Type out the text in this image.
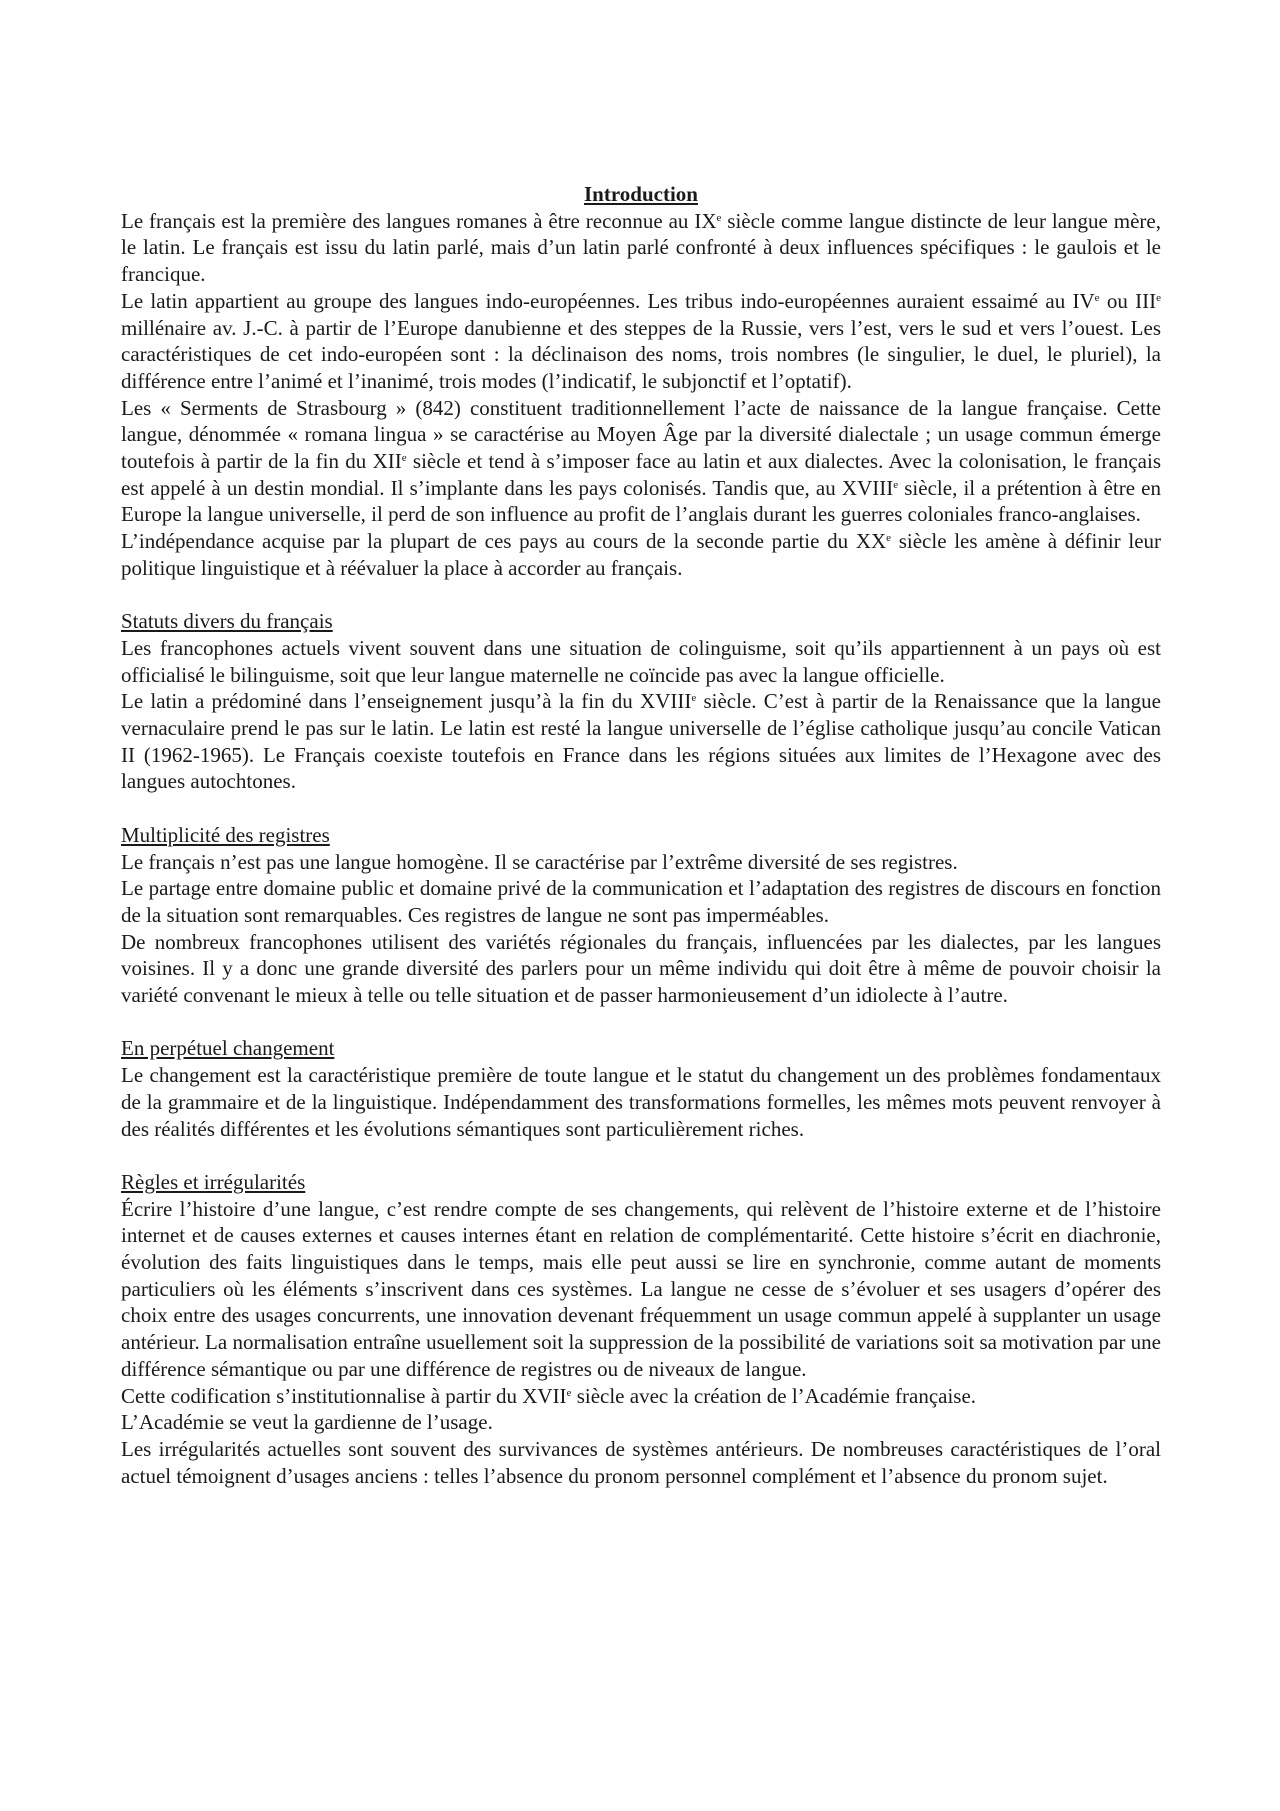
Introduction

Le français est la première des langues romanes à être reconnue au IXe siècle comme langue distincte de leur langue mère, le latin. Le français est issu du latin parlé, mais d’un latin parlé confronté à deux influences spécifiques : le gaulois et le francique.

Le latin appartient au groupe des langues indo-européennes. Les tribus indo-européennes auraient essaimé au IVe ou IIIe millénaire av. J.-C. à partir de l’Europe danubienne et des steppes de la Russie, vers l’est, vers le sud et vers l’ouest. Les caractéristiques de cet indo-européen sont : la déclinaison des noms, trois nombres (le singulier, le duel, le pluriel), la différence entre l’animé et l’inanimé, trois modes (l’indicatif, le subjonctif et l’optatif).

Les « Serments de Strasbourg » (842) constituent traditionnellement l’acte de naissance de la langue française. Cette langue, dénommée « romana lingua » se caractérise au Moyen Âge par la diversité dialectale ; un usage commun émerge toutefois à partir de la fin du XIIe siècle et tend à s’imposer face au latin et aux dialectes. Avec la colonisation, le français est appelé à un destin mondial. Il s’implante dans les pays colonisés. Tandis que, au XVIIIe siècle, il a prétention à être en Europe la langue universelle, il perd de son influence au profit de l’anglais durant les guerres coloniales franco-anglaises.

L’indépendance acquise par la plupart de ces pays au cours de la seconde partie du XXe siècle les amène à définir leur politique linguistique et à réévaluer la place à accorder au français.

Statuts divers du français

Les francophones actuels vivent souvent dans une situation de colinguisme, soit qu’ils appartiennent à un pays où est officialisé le bilinguisme, soit que leur langue maternelle ne coïncide pas avec la langue officielle.

Le latin a prédominé dans l’enseignement jusqu’à la fin du XVIIIe siècle. C’est à partir de la Renaissance que la langue vernaculaire prend le pas sur le latin. Le latin est resté la langue universelle de l’église catholique jusqu’au concile Vatican II (1962-1965). Le Français coexiste toutefois en France dans les régions situées aux limites de l’Hexagone avec des langues autochtones.

Multiplicité des registres

Le français n’est pas une langue homogène. Il se caractérise par l’extrême diversité de ses registres.

Le partage entre domaine public et domaine privé de la communication et l’adaptation des registres de discours en fonction de la situation sont remarquables. Ces registres de langue ne sont pas imperméables.

De nombreux francophones utilisent des variétés régionales du français, influencées par les dialectes, par les langues voisines. Il y a donc une grande diversité des parlers pour un même individu qui doit être à même de pouvoir choisir la variété convenant le mieux à telle ou telle situation et de passer harmonieusement d’un idiolecte à l’autre.

En perpétuel changement

Le changement est la caractéristique première de toute langue et le statut du changement un des problèmes fondamentaux de la grammaire et de la linguistique. Indépendamment des transformations formelles, les mêmes mots peuvent renvoyer à des réalités différentes et les évolutions sémantiques sont particulièrement riches.

Règles et irrégularités

Écrire l’histoire d’une langue, c’est rendre compte de ses changements, qui relèvent de l’histoire externe et de l’histoire internet et de causes externes et causes internes étant en relation de complémentarité. Cette histoire s’écrit en diachronie, évolution des faits linguistiques dans le temps, mais elle peut aussi se lire en synchronie, comme autant de moments particuliers où les éléments s’inscrivent dans ces systèmes. La langue ne cesse de s’évoluer et ses usagers d’opérer des choix entre des usages concurrents, une innovation devenant fréquemment un usage commun appelé à supplanter un usage antérieur. La normalisation entraîne usuellement soit la suppression de la possibilité de variations soit sa motivation par une différence sémantique ou par une différence de registres ou de niveaux de langue.

Cette codification s’institutionnalise à partir du XVIIe siècle avec la création de l’Académie française.

L’Académie se veut la gardienne de l’usage.

Les irrégularités actuelles sont souvent des survivances de systèmes antérieurs. De nombreuses caractéristiques de l’oral actuel témoignent d’usages anciens : telles l’absence du pronom personnel complément et l’absence du pronom sujet.
